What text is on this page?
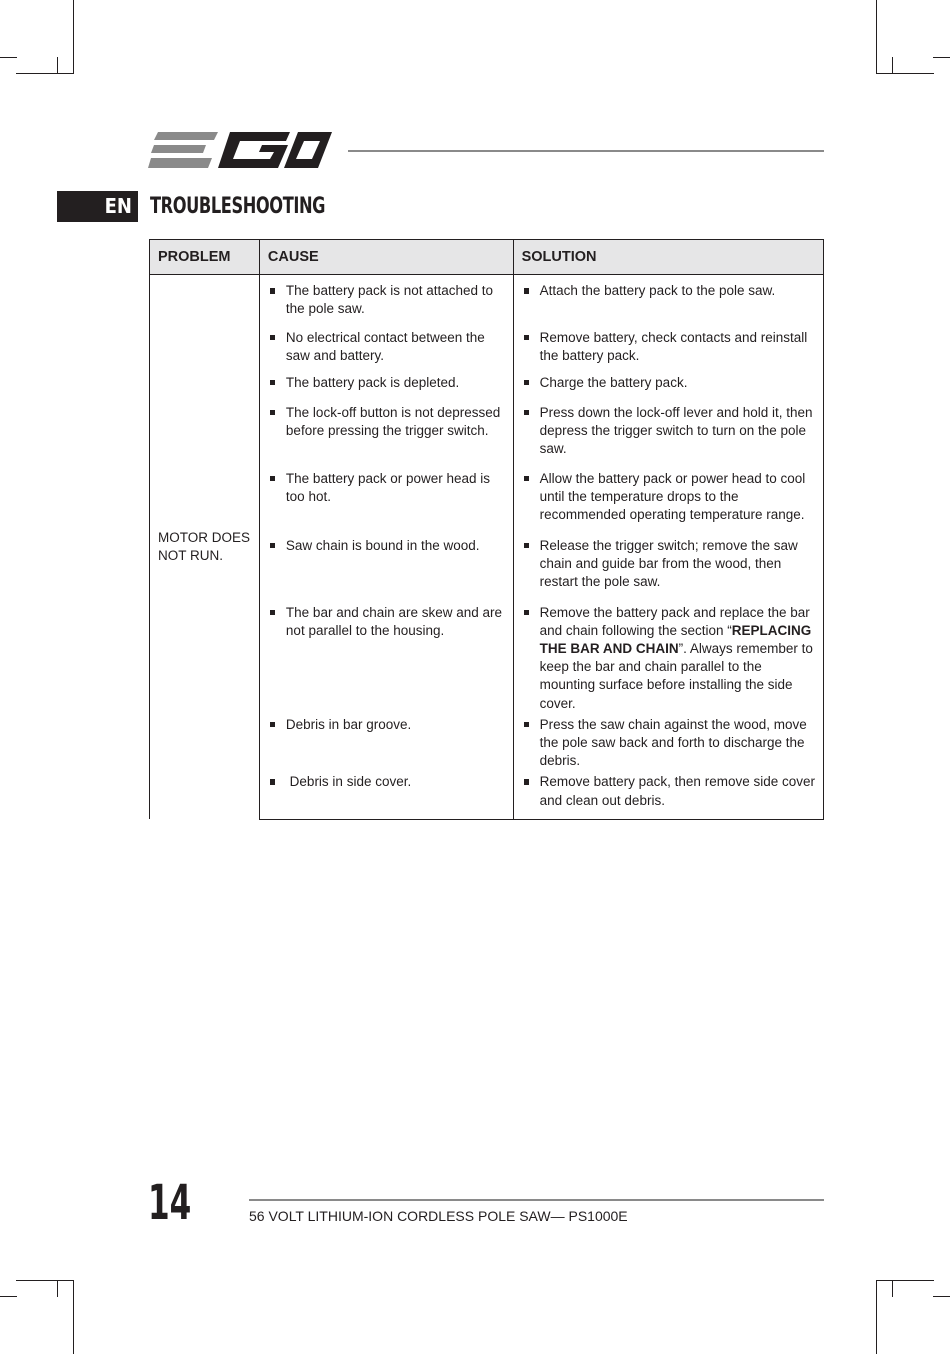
EN TROUBLESHOOTING
PROBLEM	CAUSE	SOLUTION
MOTOR DOES NOT RUN.	The battery pack is not attached to the pole saw.	Attach the battery pack to the pole saw.

	No electrical contact between the saw and battery.	Remove battery, check contacts and reinstall the battery pack.

	The battery pack is depleted.	Charge the battery pack.

	The lock-off button is not depressed before pressing the trigger switch.	Press down the lock-off lever and hold it, then depress the trigger switch to turn on the pole saw.

	The battery pack or power head is too hot.	Allow the battery pack or power head to cool until the temperature drops to the recommended operating temperature range.

	Saw chain is bound in the wood.	Release the trigger switch; remove the saw chain and guide bar from the wood, then restart the pole saw.

	The bar and chain are skew and are not parallel to the housing.	Remove the battery pack and replace the bar and chain following the section “REPLACING THE BAR AND CHAIN”. Always remember to keep the bar and chain parallel to the mounting surface before installing the side cover.

	Debris in bar groove.	Press the saw chain against the wood, move the pole saw back and forth to discharge the debris.

	Debris in side cover.	Remove battery pack, then remove side cover and clean out debris.
14	56 VOLT LITHIUM-ION CORDLESS POLE SAW— PS1000E
